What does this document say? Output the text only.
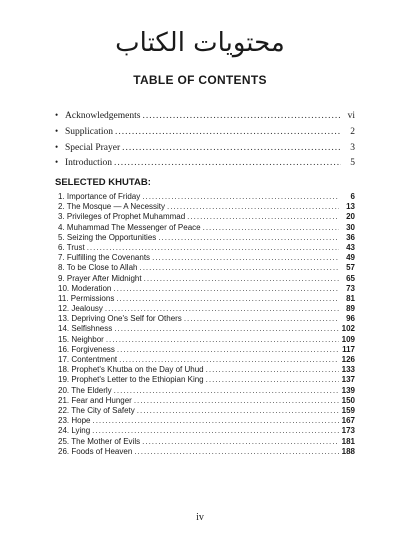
محتويات الكتاب
TABLE OF CONTENTS
• Acknowledgements .....	vi
• Supplication .....	2
• Special Prayer .....	3
• Introduction .....	5
SELECTED KHUTAB:
1. Importance of Friday .....	6
2. The Mosque — A Necessity .....	13
3. Privileges of Prophet Muhammad .....	20
4. Muhammad The Messenger of Peace .....	30
5. Seizing the Opportunities .....	36
6. Trust .....	43
7. Fulfilling the Covenants .....	49
8. To be Close to Allah .....	57
9. Prayer After Midnight .....	65
10. Moderation .....	73
11. Permissions .....	81
12. Jealousy .....	89
13. Depriving One's Self for Others .....	96
14. Selfishness .....	102
15. Neighbor .....	109
16. Forgiveness .....	117
17. Contentment .....	126
18. Prophet's Khutba on the Day of Uhud .....	133
19. Prophet's Letter to the Ethiopian King .....	137
20. The Elderly .....	139
21. Fear and Hunger .....	150
22. The City of Safety .....	159
23. Hope .....	167
24. Lying .....	173
25. The Mother of Evils .....	181
26. Foods of Heaven .....	188
iv
